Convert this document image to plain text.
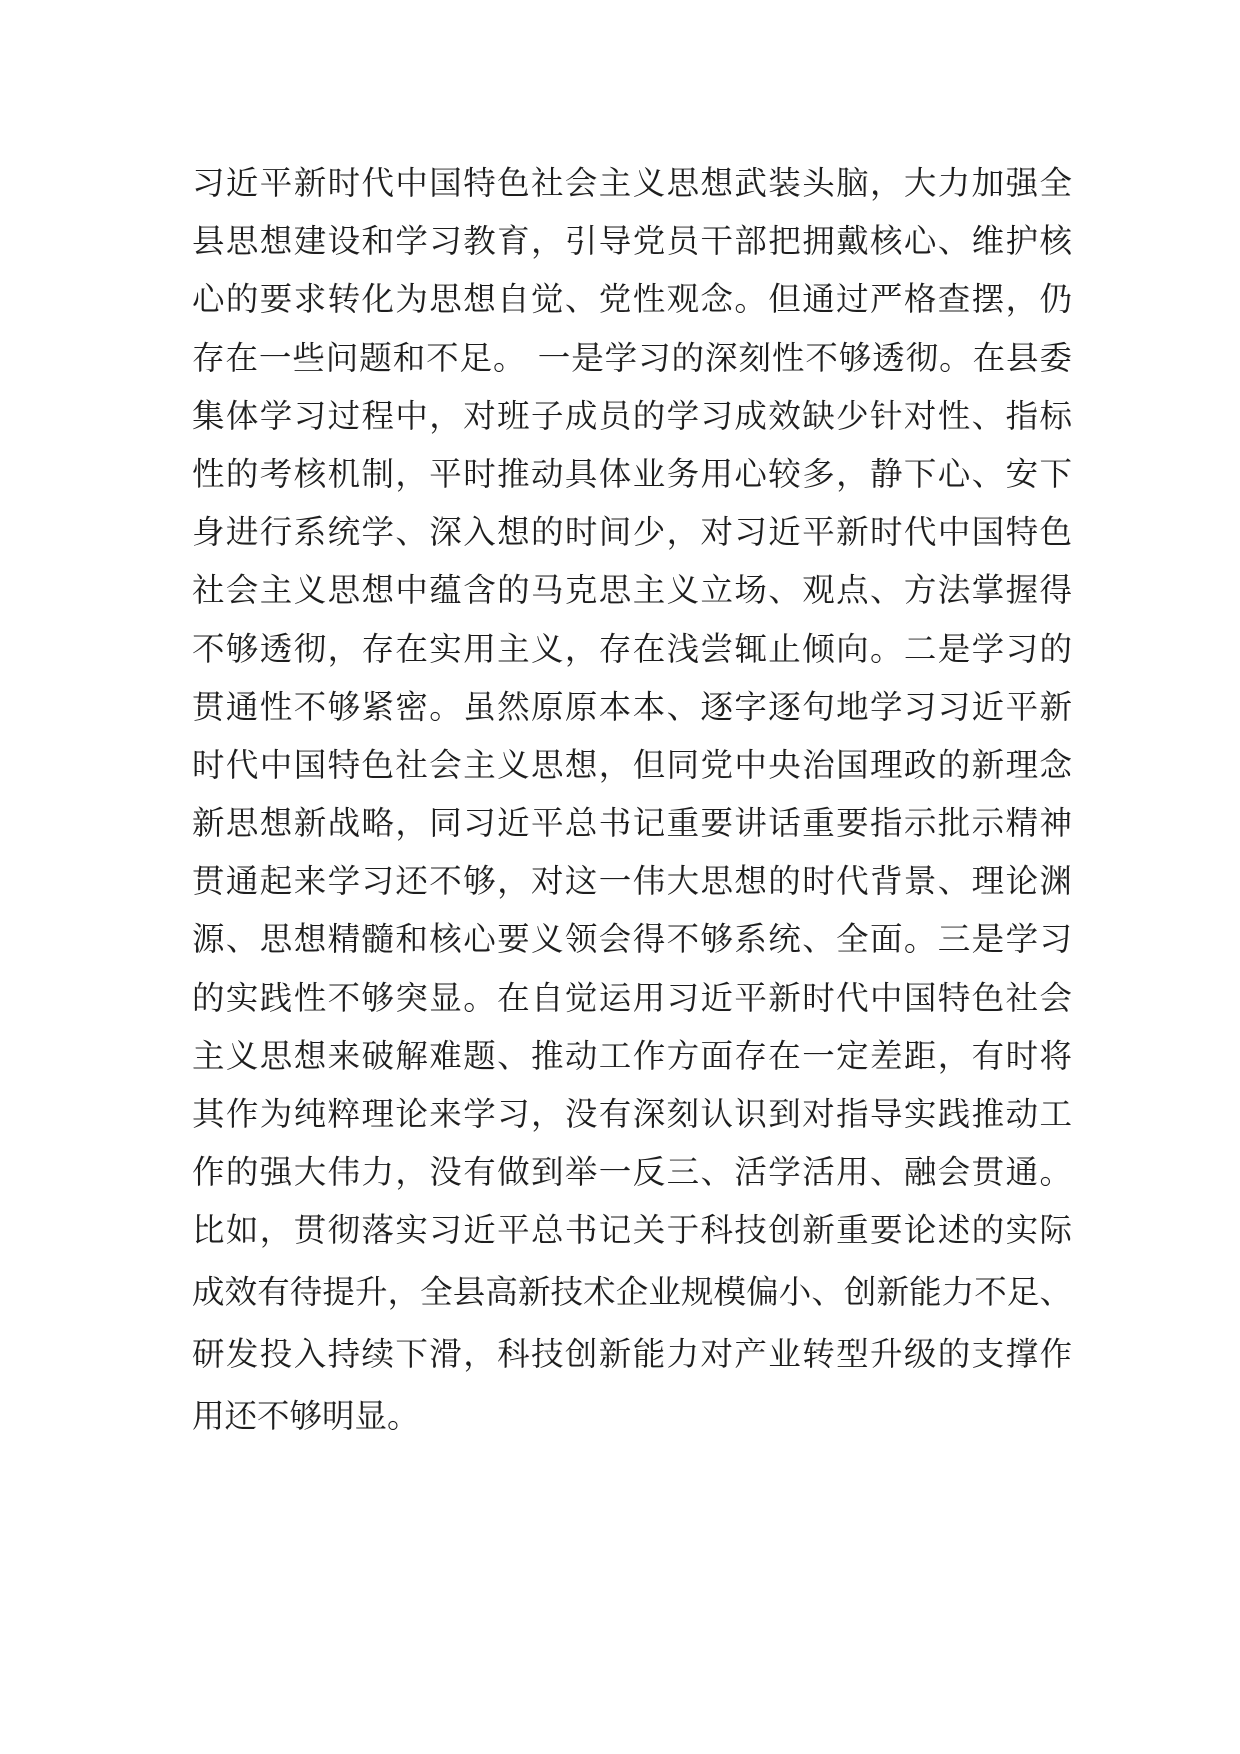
习近平新时代中国特色社会主义思想武装头脑，大力加强全
县思想建设和学习教育，引导党员干部把拥戴核心、维护核
心的要求转化为思想自觉、党性观念。但通过严格查摆，仍
存在一些问题和不足。 一是学习的深刻性不够透彻。在县委
集体学习过程中，对班子成员的学习成效缺少针对性、指标
性的考核机制，平时推动具体业务用心较多，静下心、安下
身进行系统学、深入想的时间少，对习近平新时代中国特色
社会主义思想中蕴含的马克思主义立场、观点、方法掌握得
不够透彻，存在实用主义，存在浅尝辄止倾向。二是学习的
贯通性不够紧密。虽然原原本本、逐字逐句地学习习近平新
时代中国特色社会主义思想，但同党中央治国理政的新理念
新思想新战略，同习近平总书记重要讲话重要指示批示精神
贯通起来学习还不够，对这一伟大思想的时代背景、理论渊
源、思想精髓和核心要义领会得不够系统、全面。三是学习
的实践性不够突显。在自觉运用习近平新时代中国特色社会
主义思想来破解难题、推动工作方面存在一定差距，有时将
其作为纯粹理论来学习，没有深刻认识到对指导实践推动工
作的强大伟力，没有做到举一反三、活学活用、融会贯通。
比如，贯彻落实习近平总书记关于科技创新重要论述的实际
成效有待提升，全县高新技术企业规模偏小、创新能力不足、
研发投入持续下滑，科技创新能力对产业转型升级的支撑作
用还不够明显。
